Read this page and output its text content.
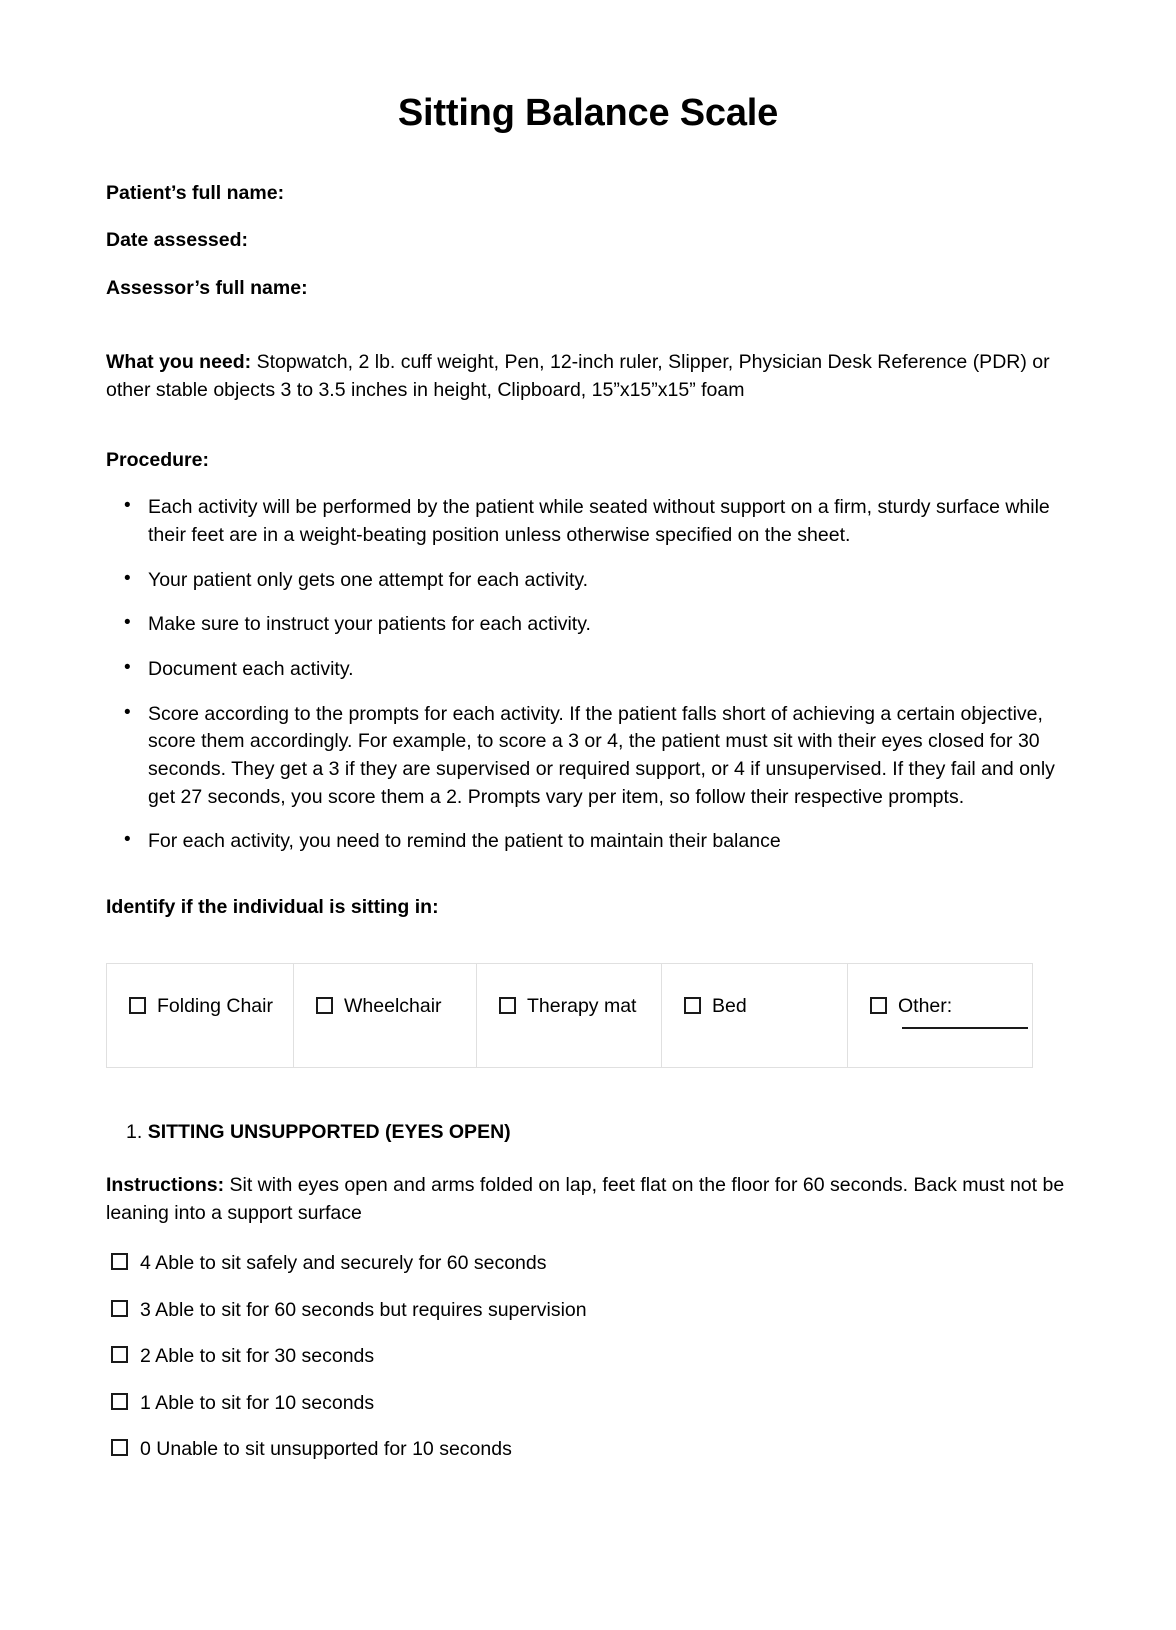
Sitting Balance Scale

Patient’s full name:

Date assessed:

Assessor’s full name:

What you need: Stopwatch, 2 lb. cuff weight, Pen, 12-inch ruler, Slipper, Physician Desk Reference (PDR) or other stable objects 3 to 3.5 inches in height, Clipboard, 15”x15”x15” foam
Procedure:
• Each activity will be performed by the patient while seated without support on a firm, sturdy surface while their feet are in a weight-beating position unless otherwise specified on the sheet.
• Your patient only gets one attempt for each activity.
• Make sure to instruct your patients for each activity.
• Document each activity.
• Score according to the prompts for each activity. If the patient falls short of achieving a certain objective, score them accordingly. For example, to score a 3 or 4, the patient must sit with their eyes closed for 30 seconds. They get a 3 if they are supervised or required support, or 4 if unsupervised. If they fail and only get 27 seconds, you score them a 2. Prompts vary per item, so follow their respective prompts.
• For each activity, you need to remind the patient to maintain their balance
Identify if the individual is sitting in:
Folding Chair	Wheelchair	Therapy mat	Bed	Other:
1. SITTING UNSUPPORTED (EYES OPEN)
Instructions: Sit with eyes open and arms folded on lap, feet flat on the floor for 60 seconds. Back must not be leaning into a support surface
4 Able to sit safely and securely for 60 seconds
3 Able to sit for 60 seconds but requires supervision
2 Able to sit for 30 seconds
1 Able to sit for 10 seconds
0 Unable to sit unsupported for 10 seconds
